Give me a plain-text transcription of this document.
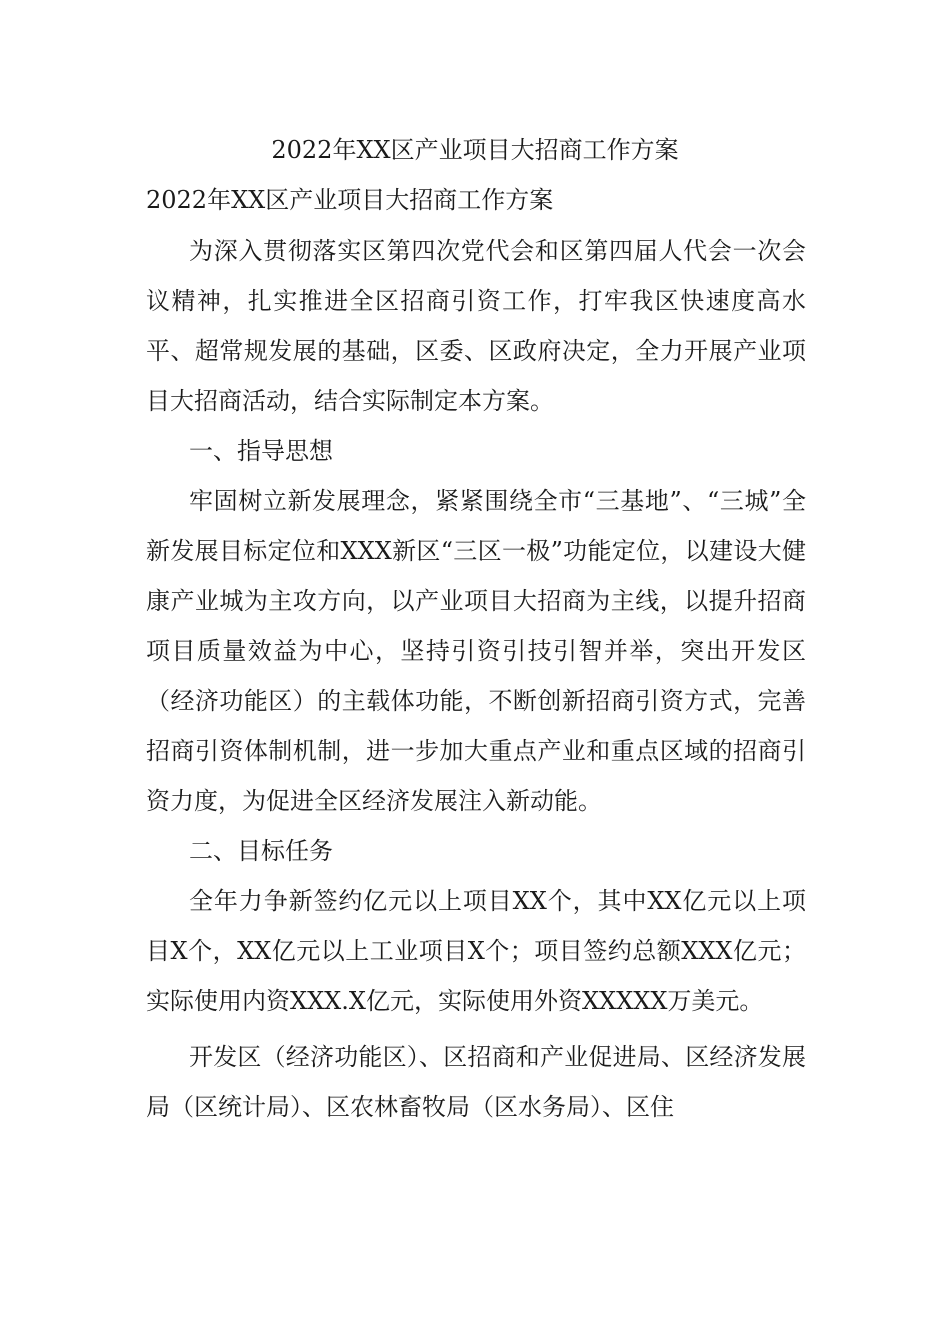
2022年XX区产业项目大招商工作方案
2022年XX区产业项目大招商工作方案

为深入贯彻落实区第四次党代会和区第四届人代会一次会议精神，扎实推进全区招商引资工作，打牢我区快速度高水平、超常规发展的基础，区委、区政府决定，全力开展产业项目大招商活动，结合实际制定本方案。

一、指导思想

牢固树立新发展理念，紧紧围绕全市“三基地”、“三城”全新发展目标定位和XXX新区“三区一极”功能定位，以建设大健康产业城为主攻方向，以产业项目大招商为主线，以提升招商项目质量效益为中心，坚持引资引技引智并举，突出开发区（经济功能区）的主载体功能，不断创新招商引资方式，完善招商引资体制机制，进一步加大重点产业和重点区域的招商引资力度，为促进全区经济发展注入新动能。

二、目标任务

全年力争新签约亿元以上项目XX个，其中XX亿元以上项目X个，XX亿元以上工业项目X个；项目签约总额XXX亿元；实际使用内资XXX.X亿元，实际使用外资XXXXX万美元。

开发区（经济功能区）、区招商和产业促进局、区经济发展局（区统计局）、区农林畜牧局（区水务局）、区住
